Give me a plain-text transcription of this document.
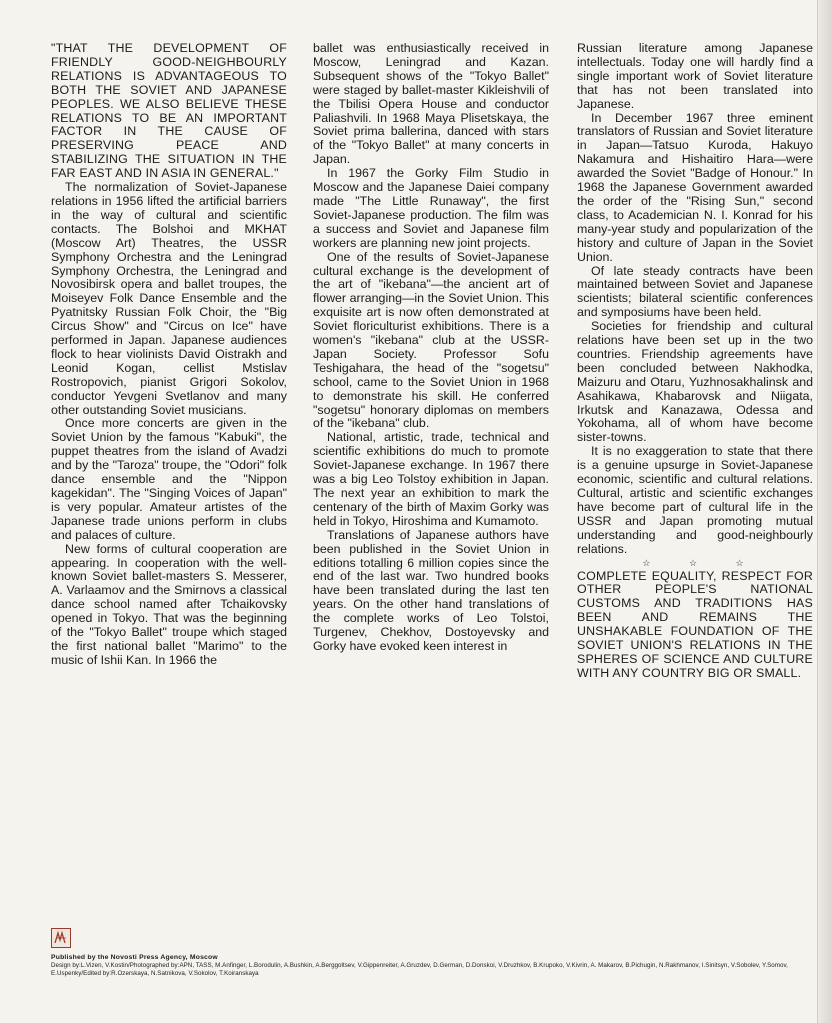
"THAT THE DEVELOPMENT OF FRIENDLY GOOD-NEIGHBOURLY RELATIONS IS ADVANTAGEOUS TO BOTH THE SOVIET AND JAPANESE PEOPLES. WE ALSO BELIEVE THESE RELATIONS TO BE AN IMPORTANT FACTOR IN THE CAUSE OF PRESERVING PEACE AND STABILIZING THE SITUATION IN THE FAR EAST AND IN ASIA IN GENERAL."

The normalization of Soviet-Japanese relations in 1956 lifted the artificial barriers in the way of cultural and scientific contacts. The Bolshoi and MKHAT (Moscow Art) Theatres, the USSR Symphony Orchestra and the Leningrad Symphony Orchestra, the Leningrad and Novosibirsk opera and ballet troupes, the Moiseyev Folk Dance Ensemble and the Pyatnitsky Russian Folk Choir, the "Big Circus Show" and "Circus on Ice" have performed in Japan. Japanese audiences flock to hear violinists David Oistrakh and Leonid Kogan, cellist Mstislav Rostropovich, pianist Grigori Sokolov, conductor Yevgeni Svetlanov and many other outstanding Soviet musicians.

Once more concerts are given in the Soviet Union by the famous "Kabuki", the puppet theatres from the island of Avadzi and by the "Taroza" troupe, the "Odori" folk dance ensemble and the "Nippon kagekidan". The "Singing Voices of Japan" is very popular. Amateur artistes of the Japanese trade unions perform in clubs and palaces of culture.

New forms of cultural cooperation are appearing. In cooperation with the well-known Soviet ballet-masters S. Messerer, A. Varlaamov and the Smirnovs a classical dance school named after Tchaikovsky opened in Tokyo. That was the beginning of the "Tokyo Ballet" troupe which staged the first national ballet "Marimo" to the music of Ishii Kan. In 1966 the

ballet was enthusiastically received in Moscow, Leningrad and Kazan. Subsequent shows of the "Tokyo Ballet" were staged by ballet-master Kikleishvili of the Tbilisi Opera House and conductor Paliashvili. In 1968 Maya Plisetskaya, the Soviet prima ballerina, danced with stars of the "Tokyo Ballet" at many concerts in Japan.

In 1967 the Gorky Film Studio in Moscow and the Japanese Daiei company made "The Little Runaway", the first Soviet-Japanese production. The film was a success and Soviet and Japanese film workers are planning new joint projects.

One of the results of Soviet-Japanese cultural exchange is the development of the art of "ikebana"—the ancient art of flower arranging—in the Soviet Union. This exquisite art is now often demonstrated at Soviet floriculturist exhibitions. There is a women's "ikebana" club at the USSR-Japan Society. Professor Sofu Teshigahara, the head of the "sogetsu" school, came to the Soviet Union in 1968 to demonstrate his skill. He conferred "sogetsu" honorary diplomas on members of the "ikebana" club.

National, artistic, trade, technical and scientific exhibitions do much to promote Soviet-Japanese exchange. In 1967 there was a big Leo Tolstoy exhibition in Japan. The next year an exhibition to mark the centenary of the birth of Maxim Gorky was held in Tokyo, Hiroshima and Kumamoto.

Translations of Japanese authors have been published in the Soviet Union in editions totalling 6 million copies since the end of the last war. Two hundred books have been translated during the last ten years. On the other hand translations of the complete works of Leo Tolstoi, Turgenev, Chekhov, Dostoyevsky and Gorky have evoked keen interest in

Russian literature among Japanese intellectuals. Today one will hardly find a single important work of Soviet literature that has not been translated into Japanese.

In December 1967 three eminent translators of Russian and Soviet literature in Japan—Tatsuo Kuroda, Hakuyo Nakamura and Hishaitiro Hara—were awarded the Soviet "Badge of Honour." In 1968 the Japanese Government awarded the order of the "Rising Sun," second class, to Academician N. I. Konrad for his many-year study and popularization of the history and culture of Japan in the Soviet Union.

Of late steady contracts have been maintained between Soviet and Japanese scientists; bilateral scientific conferences and symposiums have been held.

Societies for friendship and cultural relations have been set up in the two countries. Friendship agreements have been concluded between Nakhodka, Maizuru and Otaru, Yuzhnosakhalinsk and Asahikawa, Khabarovsk and Niigata, Irkutsk and Kanazawa, Odessa and Yokohama, all of whom have become sister-towns.

It is no exaggeration to state that there is a genuine upsurge in Soviet-Japanese economic, scientific and cultural relations. Cultural, artistic and scientific exchanges have become part of cultural life in the USSR and Japan promoting mutual understanding and good-neighbourly relations.

☆ ☆ ☆

COMPLETE EQUALITY, RESPECT FOR OTHER PEOPLE'S NATIONAL CUSTOMS AND TRADITIONS HAS BEEN AND REMAINS THE UNSHAKABLE FOUNDATION OF THE SOVIET UNION'S RELATIONS IN THE SPHERES OF SCIENCE AND CULTURE WITH ANY COUNTRY BIG OR SMALL.

Published by the Novosti Press Agency, Moscow
Design by:L.Vizen, V.Kostin/Photographed by:APN, TASS, M.Anfinger, L.Borodulin, A.Bushkin, A.Berggoltsev, V.Gippenreiter, A.Gruzdev, D.German, D.Donskoi, V.Druzhkov, B.Krupoko, V.Kivrin, A. Makarov, B.Pichugin, N.Rakhmanov, I.Sinitsyn, V.Sobolev, Y.Somov, E.Uspenky/Edited by:R.Ozerskaya, N.Satnikova, V.Sokolov, T.Koiranskaya
